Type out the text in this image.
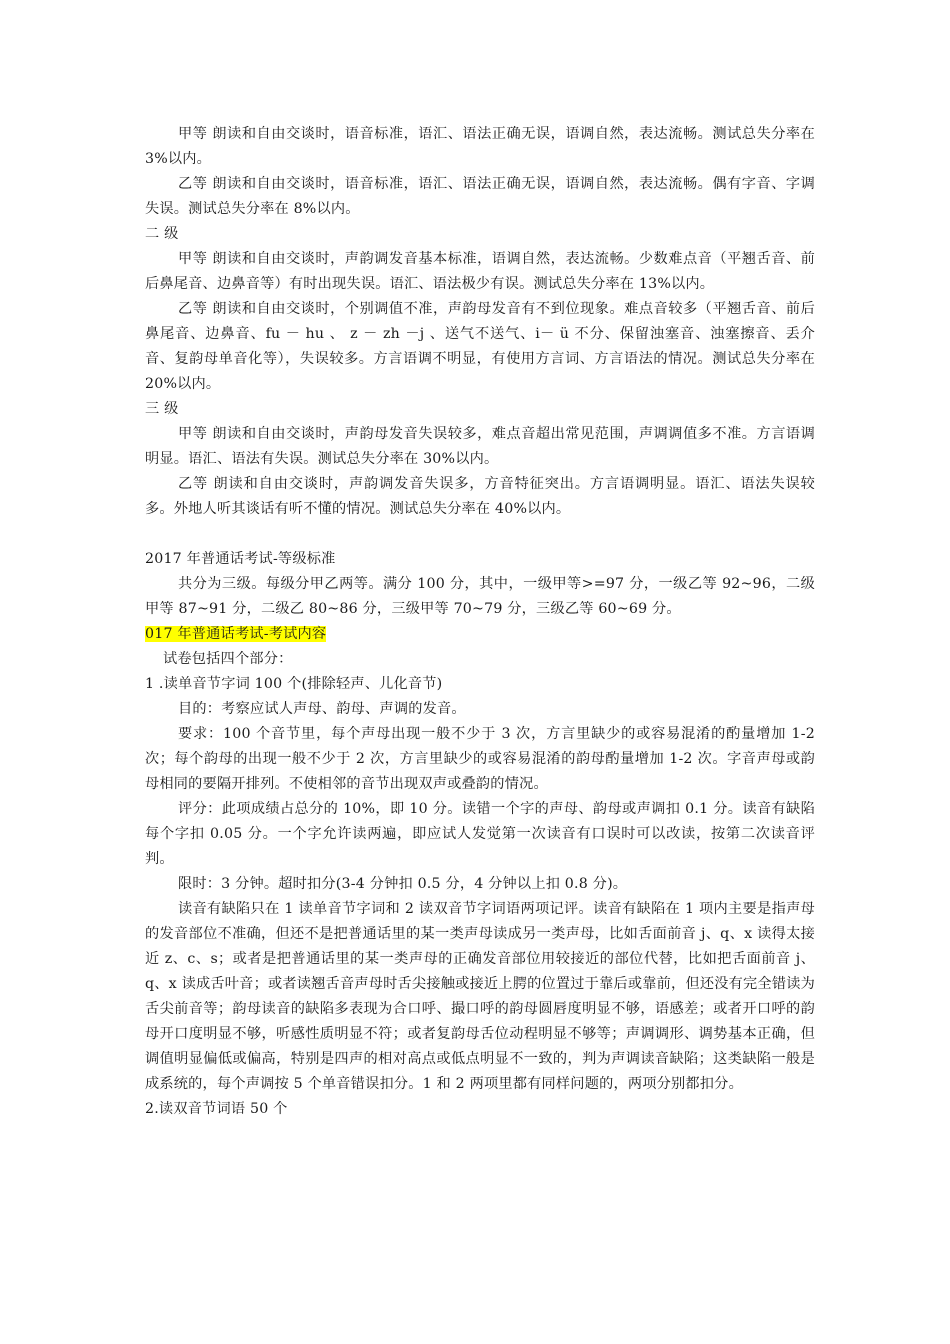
甲等 朗读和自由交谈时，语音标准，语汇、语法正确无误，语调自然，表达流畅。测试总失分率在 3%以内。

乙等 朗读和自由交谈时，语音标准，语汇、语法正确无误，语调自然，表达流畅。偶有字音、字调失误。测试总失分率在 8%以内。

二 级

甲等 朗读和自由交谈时，声韵调发音基本标准，语调自然，表达流畅。少数难点音（平翘舌音、前后鼻尾音、边鼻音等）有时出现失误。语汇、语法极少有误。测试总失分率在 13%以内。

乙等 朗读和自由交谈时，个别调值不准，声韵母发音有不到位现象。难点音较多（平翘舌音、前后鼻尾音、边鼻音、fu － hu 、 z － zh －j 、送气不送气、i－ ü 不分、保留浊塞音、浊塞擦音、丢介音、复韵母单音化等），失误较多。方言语调不明显，有使用方言词、方言语法的情况。测试总失分率在 20%以内。

三 级

甲等 朗读和自由交谈时，声韵母发音失误较多，难点音超出常见范围，声调调值多不准。方言语调明显。语汇、语法有失误。测试总失分率在 30%以内。

乙等 朗读和自由交谈时，声韵调发音失误多，方音特征突出。方言语调明显。语汇、语法失误较多。外地人听其谈话有听不懂的情况。测试总失分率在 40%以内。

2017 年普通话考试-等级标准

共分为三级。每级分甲乙两等。满分 100 分，其中，一级甲等>=97 分，一级乙等 92~96，二级甲等 87~91 分，二级乙 80~86 分，三级甲等 70~79 分，三级乙等 60~69 分。

017 年普通话考试-考试内容

试卷包括四个部分：

1 .读单音节字词 100 个(排除轻声、儿化音节)

目的：考察应试人声母、韵母、声调的发音。

要求：100 个音节里，每个声母出现一般不少于 3 次，方言里缺少的或容易混淆的酌量增加 1-2 次；每个韵母的出现一般不少于 2 次，方言里缺少的或容易混淆的韵母酌量增加 1-2 次。字音声母或韵母相同的要隔开排列。不使相邻的音节出现双声或叠韵的情况。

评分：此项成绩占总分的 10%，即 10 分。读错一个字的声母、韵母或声调扣 0.1 分。读音有缺陷每个字扣 0.05 分。一个字允许读两遍，即应试人发觉第一次读音有口误时可以改读，按第二次读音评判。

限时：3 分钟。超时扣分(3-4 分钟扣 0.5 分，4 分钟以上扣 0.8 分)。

读音有缺陷只在 1 读单音节字词和 2 读双音节字词语两项记评。读音有缺陷在 1 项内主要是指声母的发音部位不准确，但还不是把普通话里的某一类声母读成另一类声母，比如舌面前音 j、q、x 读得太接近 z、c、s；或者是把普通话里的某一类声母的正确发音部位用较接近的部位代替，比如把舌面前音 j、q、x 读成舌叶音；或者读翘舌音声母时舌尖接触或接近上腭的位置过于靠后或靠前，但还没有完全错读为舌尖前音等；韵母读音的缺陷多表现为合口呼、撮口呼的韵母圆唇度明显不够，语感差；或者开口呼的韵母开口度明显不够，听感性质明显不符；或者复韵母舌位动程明显不够等；声调调形、调势基本正确，但调值明显偏低或偏高，特别是四声的相对高点或低点明显不一致的，判为声调读音缺陷；这类缺陷一般是成系统的，每个声调按 5 个单音错误扣分。1 和 2 两项里都有同样问题的，两项分别都扣分。

2.读双音节词语 50 个
